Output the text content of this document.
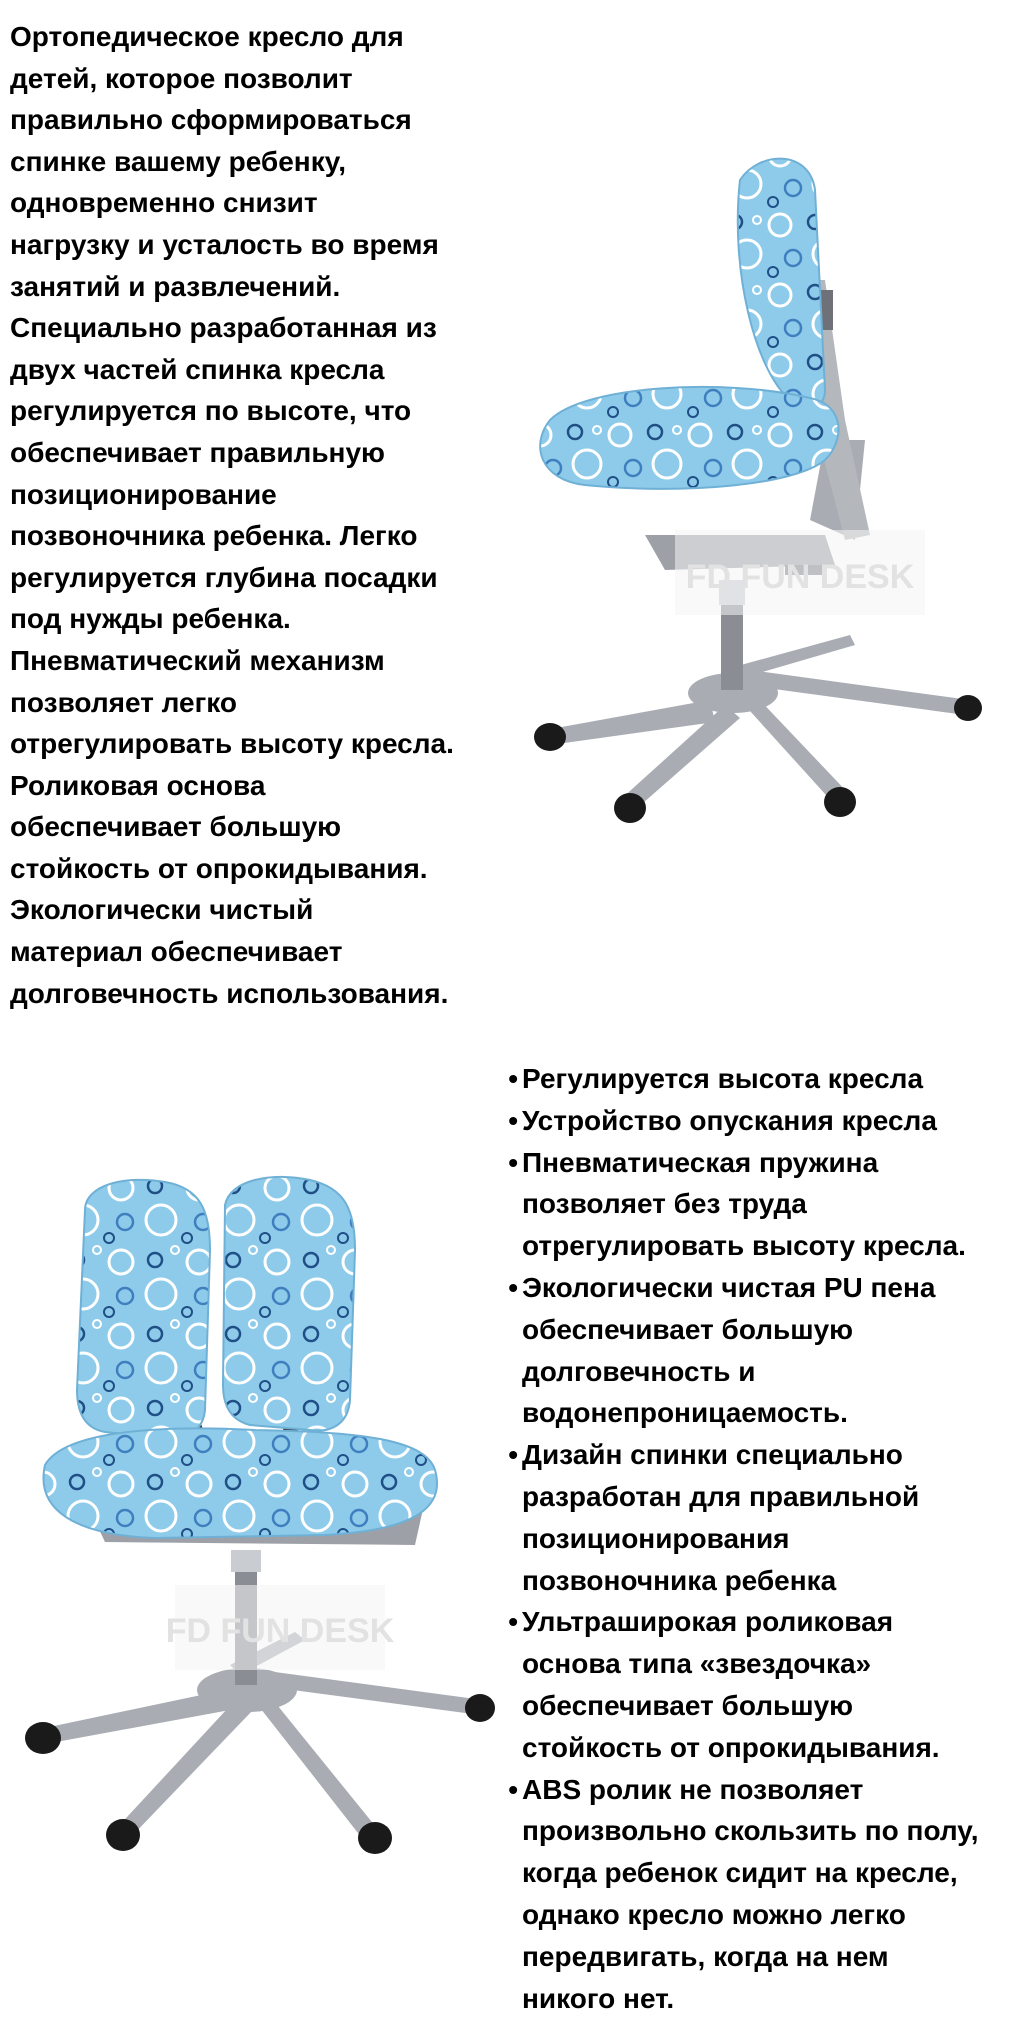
Ортопедическое кресло для
детей, которое позволит
правильно сформироваться
спинке вашему ребенку,
одновременно снизит
нагрузку и усталость во время
занятий и развлечений.
Специально разработанная из
двух частей спинка кресла
регулируется по высоте, что
обеспечивает правильную
позиционирование
позвоночника ребенка. Легко
регулируется глубина посадки
под нужды ребенка.
Пневматический механизм
позволяет легко
отрегулировать высоту кресла.
Роликовая основа
обеспечивает большую
стойкость от опрокидывания.
Экологически чистый
материал обеспечивает
долговечность использования.
FD FUN DESK
FD FUN DESK
• Регулируется высота кресла
• Устройство опускания кресла
• Пневматическая пружина
позволяет без труда
отрегулировать высоту кресла.
• Экологически чистая PU пена
обеспечивает большую
долговечность и
водонепроницаемость.
• Дизайн спинки специально
разработан для правильной
позиционирования
позвоночника ребенка
• Ультраширокая роликовая
основа типа «звездочка»
обеспечивает большую
стойкость от опрокидывания.
• ABS ролик не позволяет
произвольно скользить по полу,
когда ребенок сидит на кресле,
однако кресло можно легко
передвигать, когда на нем
никого нет.
